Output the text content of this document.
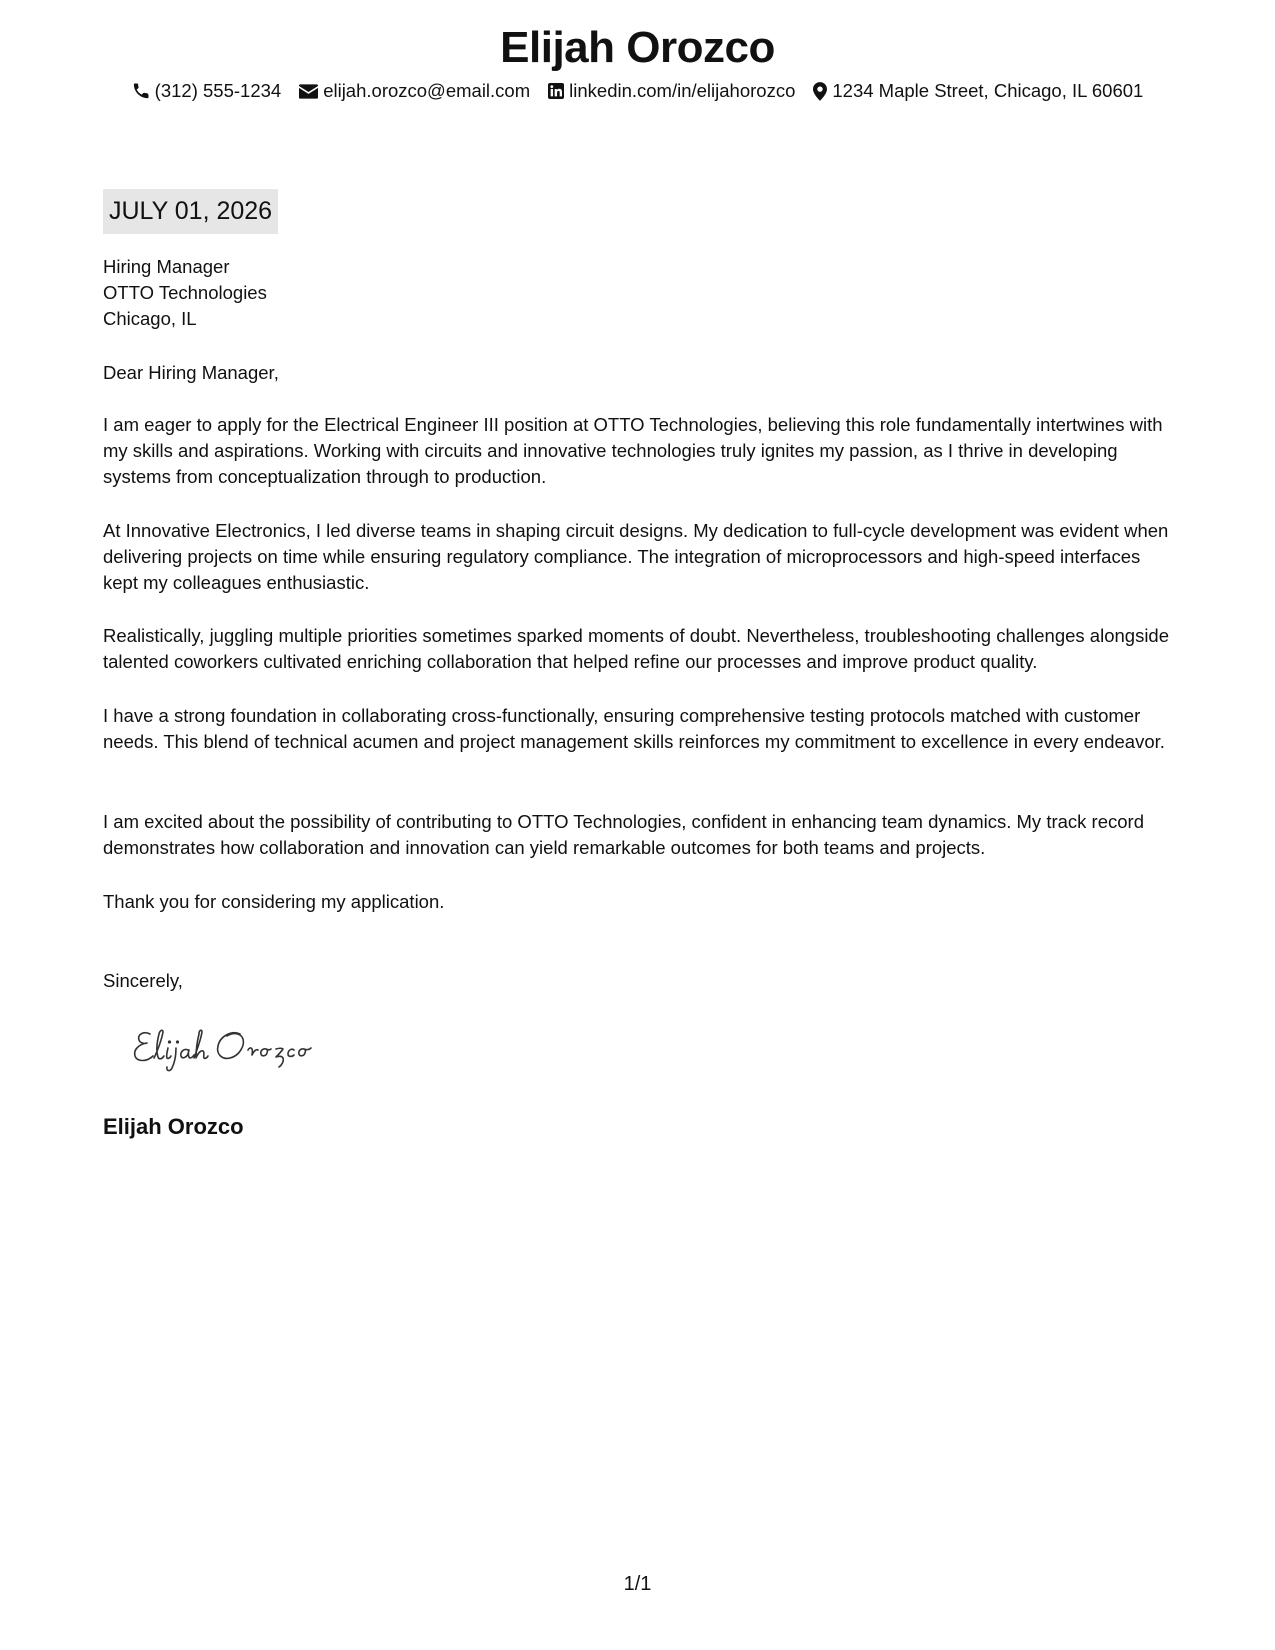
Elijah Orozco
(312) 555-1234 elijah.orozco@email.com linkedin.com/in/elijahorozco 1234 Maple Street, Chicago, IL 60601
JULY 01, 2026
Hiring Manager
OTTO Technologies
Chicago, IL
Dear Hiring Manager,

I am eager to apply for the Electrical Engineer III position at OTTO Technologies, believing this role fundamentally intertwines with my skills and aspirations. Working with circuits and innovative technologies truly ignites my passion, as I thrive in developing systems from conceptualization through to production.

At Innovative Electronics, I led diverse teams in shaping circuit designs. My dedication to full-cycle development was evident when delivering projects on time while ensuring regulatory compliance. The integration of microprocessors and high-speed interfaces kept my colleagues enthusiastic.

Realistically, juggling multiple priorities sometimes sparked moments of doubt. Nevertheless, troubleshooting challenges alongside talented coworkers cultivated enriching collaboration that helped refine our processes and improve product quality.

I have a strong foundation in collaborating cross-functionally, ensuring comprehensive testing protocols matched with customer needs. This blend of technical acumen and project management skills reinforces my commitment to excellence in every endeavor.

I am excited about the possibility of contributing to OTTO Technologies, confident in enhancing team dynamics. My track record demonstrates how collaboration and innovation can yield remarkable outcomes for both teams and projects.

Thank you for considering my application.
Sincerely,
Elijah Orozco
1/1
